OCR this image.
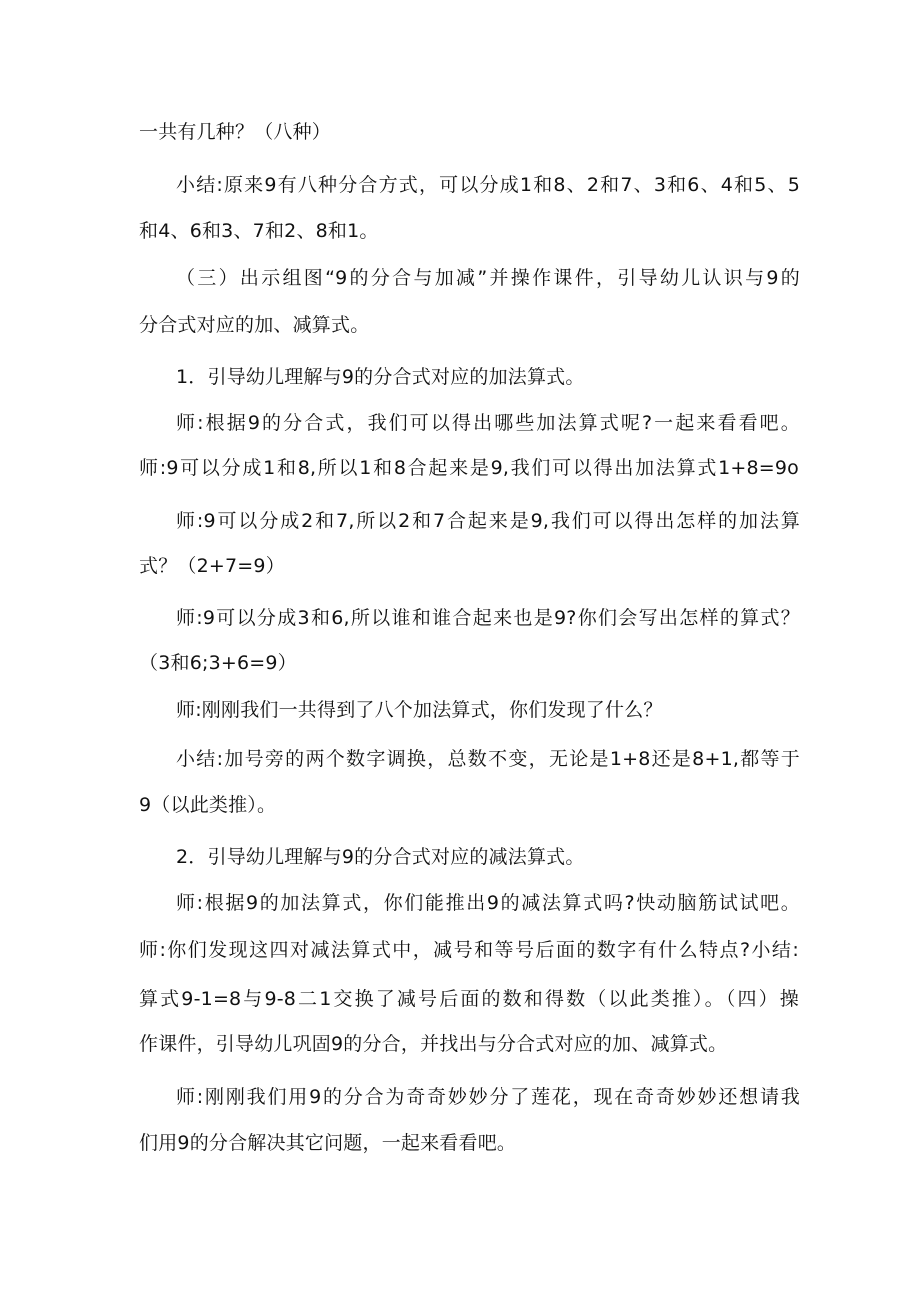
一共有几种？（八种）
小结:原来9有八种分合方式，可以分成1和8、2和7、3和6、4和5、5
和4、6和3、7和2、8和1。
（三）出示组图“9的分合与加减”并操作课件，引导幼儿认识与9的
分合式对应的加、减算式。
1．引导幼儿理解与9的分合式对应的加法算式。
师:根据9的分合式，我们可以得出哪些加法算式呢?一起来看看吧。
师:9可以分成1和8,所以1和8合起来是9,我们可以得出加法算式1+8=9o
师:9可以分成2和7,所以2和7合起来是9,我们可以得出怎样的加法算
式？（2+7=9）
师:9可以分成3和6,所以谁和谁合起来也是9?你们会写出怎样的算式？
（3和6;3+6=9）
师:刚刚我们一共得到了八个加法算式，你们发现了什么？
小结:加号旁的两个数字调换，总数不变，无论是1+8还是8+1,都等于
9（以此类推）。
2．引导幼儿理解与9的分合式对应的减法算式。
师:根据9的加法算式，你们能推出9的减法算式吗?快动脑筋试试吧。
师:你们发现这四对减法算式中，减号和等号后面的数字有什么特点?小结:
算式9-1=8与9-8二1交换了减号后面的数和得数（以此类推）。（四）操
作课件，引导幼儿巩固9的分合，并找出与分合式对应的加、减算式。
师:刚刚我们用9的分合为奇奇妙妙分了莲花，现在奇奇妙妙还想请我
们用9的分合解决其它问题，一起来看看吧。
